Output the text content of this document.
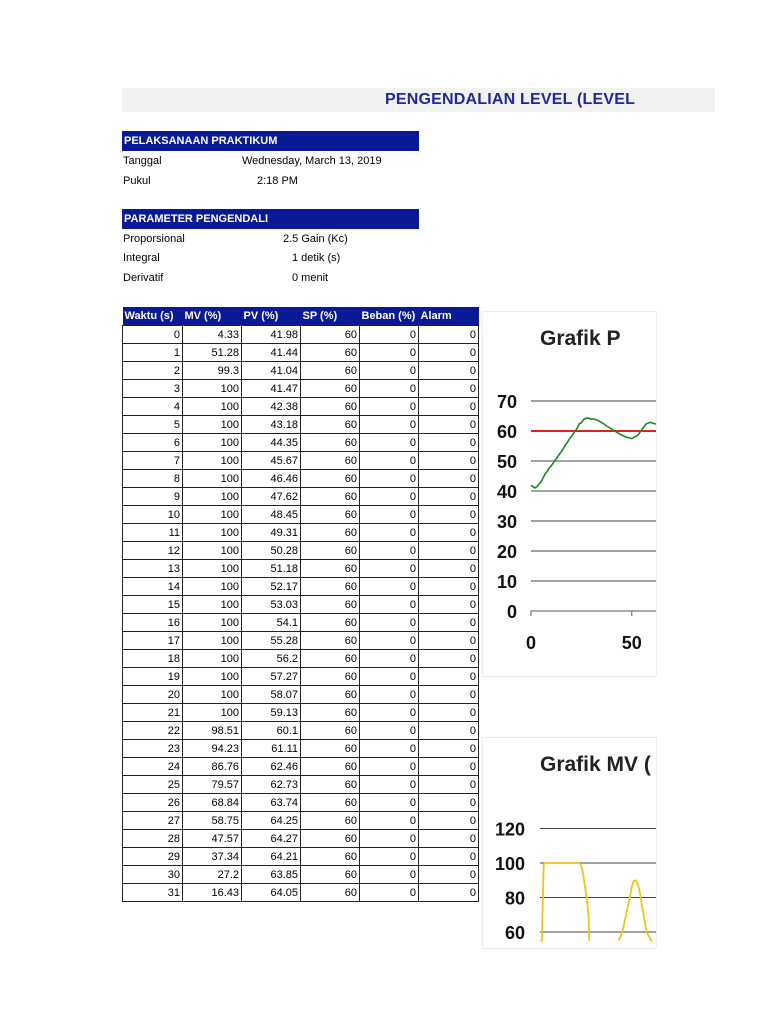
PENGENDALIAN LEVEL (LEVEL
PELAKSANAAN PRAKTIKUM
Tanggal	Wednesday, March 13, 2019
Pukul	2:18 PM
PARAMETER PENGENDALI
Proporsional	2.5 Gain (Kc)
Integral	1 detik (s)
Derivatif	0 menit
Waktu (s)	MV (%)	PV (%)	SP (%)	Beban (%)	Alarm
0	4.33	41.98	60	0	0
1	51.28	41.44	60	0	0
2	99.3	41.04	60	0	0
3	100	41.47	60	0	0
4	100	42.38	60	0	0
5	100	43.18	60	0	0
6	100	44.35	60	0	0
7	100	45.67	60	0	0
8	100	46.46	60	0	0
9	100	47.62	60	0	0
10	100	48.45	60	0	0
11	100	49.31	60	0	0
12	100	50.28	60	0	0
13	100	51.18	60	0	0
14	100	52.17	60	0	0
15	100	53.03	60	0	0
16	100	54.1	60	0	0
17	100	55.28	60	0	0
18	100	56.2	60	0	0
19	100	57.27	60	0	0
20	100	58.07	60	0	0
21	100	59.13	60	0	0
22	98.51	60.1	60	0	0
23	94.23	61.11	60	0	0
24	86.76	62.46	60	0	0
25	79.57	62.73	60	0	0
26	68.84	63.74	60	0	0
27	58.75	64.25	60	0	0
28	47.57	64.27	60	0	0
29	37.34	64.21	60	0	0
30	27.2	63.85	60	0	0
31	16.43	64.05	60	0	0
Grafik P
0
10
20
30
40
50
60
70
0	50
Grafik MV (
60
80
100
120
